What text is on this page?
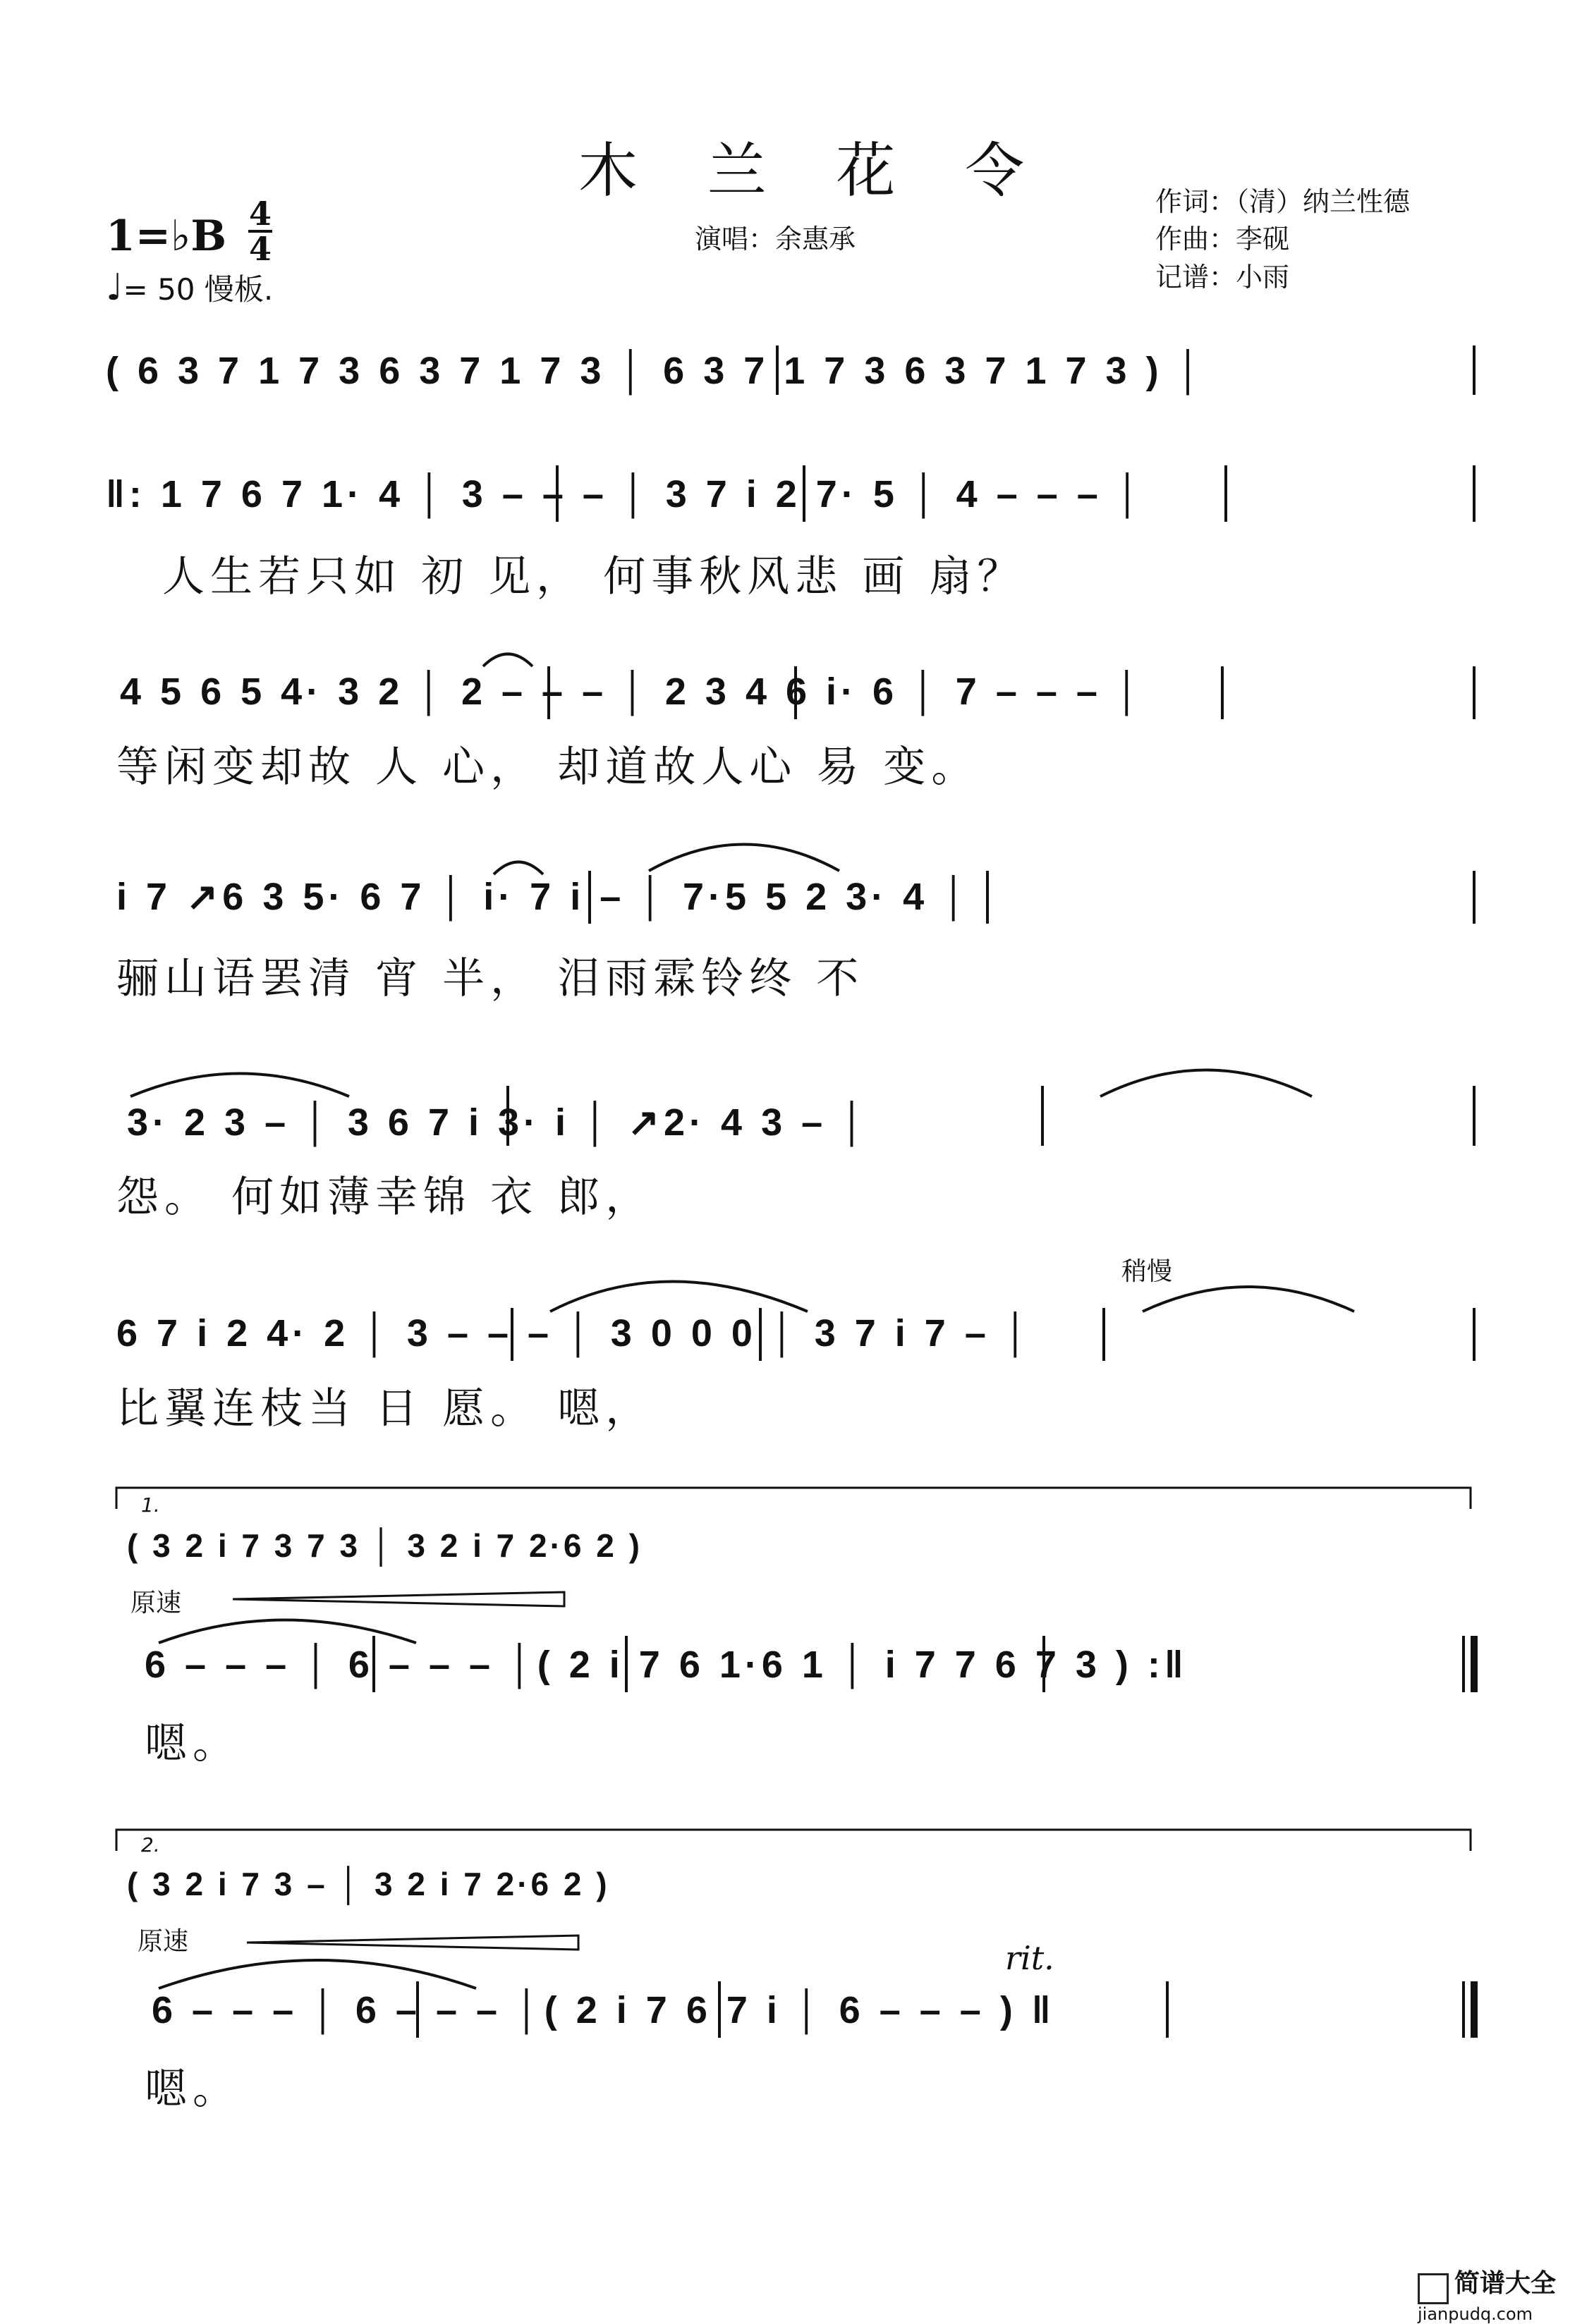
木 兰 花 令
1=♭B 4
4
♩= 50 慢板.
演唱：余惠承
作词：（清）纳兰性德
作曲：李砚
记谱：小雨
( 6 3 7 1 7 3 6 3 7 1 7 3 │ 6 3 7 1 7 3 6 3 7 1 7 3 ) │
‖: 1 7 6 7 1· 4 │ 3 – – – │ 3 7 i 2 7· 5 │ 4 – – – │
人生若只如 初 见， 何事秋风悲 画 扇？
4 5 6 5 4· 3 2 │ 2 – – – │ 2 3 4 6 i· 6 │ 7 – – – │
等闲变却故 人 心， 却道故人心 易 变。
i 7 ↗6 3 5· 6 7 │ i· 7 i – │ 7·5 5 2 3· 4 │
骊山语罢清 宵 半， 泪雨霖铃终 不
3· 2 3 – │ 3 6 7 i 3· i │ ↗2· 4 3 – │
怨。 何如薄幸锦 衣 郎，
稍慢
6 7 i 2 4· 2 │ 3 – – – │ 3 0 0 0 │ 3 7 i 7 – │
比翼连枝当 日 愿。 嗯，
1.
( 3 2 i 7 3 7 3 │ 3 2 i 7 2·6 2 )
原速
6 – – – │ 6 – – – │( 2 i 7 6 1·6 1 │ i 7 7 6 7 3 ) :‖
嗯。
2.
( 3 2 i 7 3 – │ 3 2 i 7 2·6 2 )
原速	rit.
6 – – – │ 6 – – – │( 2 i 7 6 7 i │ 6 – – – ) ‖
嗯。
简谱大全
jianpudq.com
